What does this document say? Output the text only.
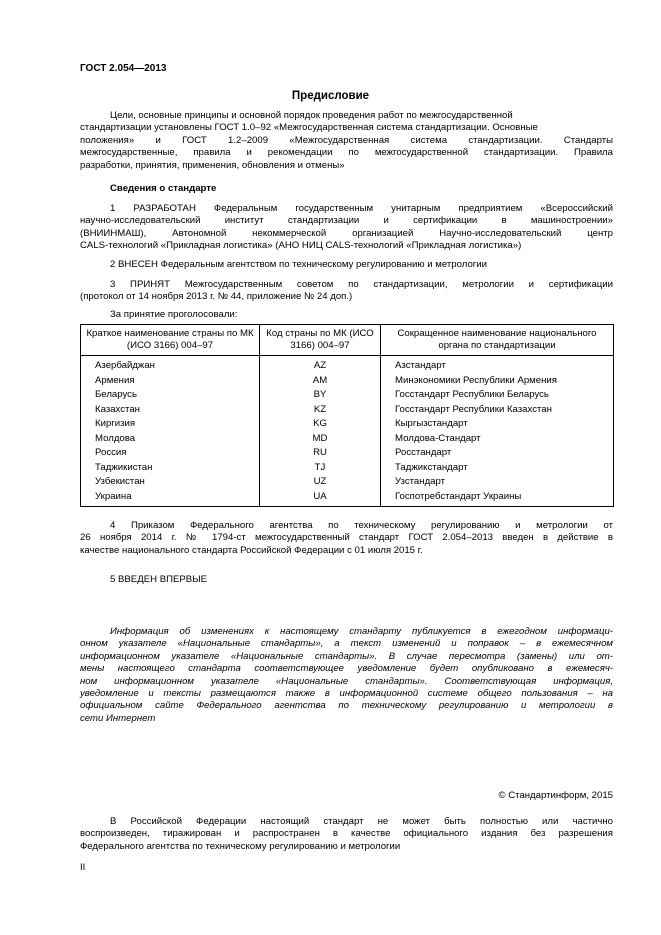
ГОСТ 2.054—2013
Предисловие
Цели, основные принципы и основной порядок проведения работ по межгосударственной
стандартизации установлены ГОСТ 1.0–92 «Межгосударственная система стандартизации. Основные
положения» и ГОСТ 1.2–2009 «Межгосударственная система стандартизации. Стандарты
межгосударственные, правила и рекомендации по межгосударственной стандартизации. Правила
разработки, принятия, применения, обновления и отмены»
Сведения о стандарте
1 РАЗРАБОТАН Федеральным государственным унитарным предприятием «Всероссийский
научно-исследовательский институт стандартизации и сертификации в машиностроении»
(ВНИИНМАШ), Автономной некоммерческой организацией Научно-исследовательский центр
CALS-технологий «Прикладная логистика» (АНО НИЦ CALS-технологий «Прикладная логистика»)
2 ВНЕСЕН Федеральным агентством по техническому регулированию и метрологии
3 ПРИНЯТ Межгосударственным советом по стандартизации, метрологии и сертификации
(протокол от 14 ноября 2013 г. № 44, приложение № 24 доп.)
За принятие проголосовали:
Краткое наименование страны по МК (ИСО 3166) 004–97	Код страны по МК (ИСО 3166) 004–97	Сокращенное наименование национального органа по стандартизации
Азербайджан	AZ	Азстандарт
Армения	AM	Минэкономики Республики Армения
Беларусь	BY	Госстандарт Республики Беларусь
Казахстан	KZ	Госстандарт Республики Казахстан
Киргизия	KG	Кыргызстандарт
Молдова	MD	Молдова-Стандарт
Россия	RU	Росстандарт
Таджикистан	TJ	Таджикстандарт
Узбекистан	UZ	Узстандарт
Украина	UA	Госпотребстандарт Украины
4 Приказом Федерального агентства по техническому регулированию и метрологии от
26 ноября 2014 г. № 1794-ст межгосударственный стандарт ГОСТ 2.054–2013 введен в действие в
качестве национального стандарта Российской Федерации с 01 июля 2015 г.
5 ВВЕДЕН ВПЕРВЫЕ
Информация об изменениях к настоящему стандарту публикуется в ежегодном информаци-
онном указателе «Национальные стандарты», а текст изменений и поправок – в ежемесячном
информационном указателе «Национальные стандарты». В случае пересмотра (замены) или от-
мены настоящего стандарта соответствующее уведомление будет опубликовано в ежемесяч-
ном информационном указателе «Национальные стандарты». Соответствующая информация,
уведомление и тексты размещаются также в информационной системе общего пользования – на
официальном сайте Федерального агентства по техническому регулированию и метрологии в
сети Интернет
© Стандартинформ, 2015
В Российской Федерации настоящий стандарт не может быть полностью или частично
воспроизведен, тиражирован и распространен в качестве официального издания без разрешения
Федерального агентства по техническому регулированию и метрологии
II
